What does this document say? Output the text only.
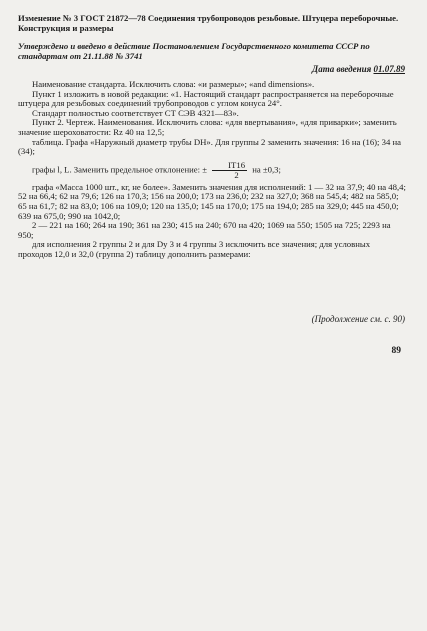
Изменение № 3 ГОСТ 21872—78 Соединения трубопроводов резьбовые. Штуцера переборочные. Конструкция и размеры

Утверждено и введено в действие Постановлением Государственного комитета СССР по стандартам от 21.11.88 № 3741

Дата введения 01.07.89

Наименование стандарта. Исключить слова: «и размеры»; «and dimensions».

Пункт 1 изложить в новой редакции: «1. Настоящий стандарт распространяется на переборочные штуцера для резьбовых соединений трубопроводов с углом конуса 24°.

Стандарт полностью соответствует СТ СЭВ 4321—83».

Пункт 2. Чертеж. Наименования. Исключить слова: «для ввертывания», «для приварки»; заменить значение шероховатости: Rz 40 на 12,5;

таблица. Графа «Наружный диаметр трубы DH». Для группы 2 заменить значения: 16 на (16); 34 на (34);

графы l, L. Заменить предельное отклонение: ± $\frac{IT16}{2}$ на ±0,3;

графа «Масса 1000 шт., кг, не более». Заменить значения для исполнений: 1 — 32 на 37,9; 40 на 48,4; 52 на 66,4; 62 на 79,6; 126 на 170,3; 156 на 200,0; 173 на 236,0; 232 на 327,0; 368 на 545,4; 482 на 585,0; 65 на 61,7; 82 на 83,0; 106 на 109,0; 120 на 135,0; 145 на 170,0; 175 на 194,0; 285 на 329,0; 445 на 450,0; 639 на 675,0; 990 на 1042,0;

2 — 221 на 160; 264 на 190; 361 на 230; 415 на 240; 670 на 420; 1069 на 550; 1505 на 725; 2293 на 950;

для исполнения 2 группы 2 и для Dy 3 и 4 группы 3 исключить все значения; для условных проходов 12,0 и 32,0 (группа 2) таблицу дополнить размерами:

(Продолжение см. с. 90)
89
